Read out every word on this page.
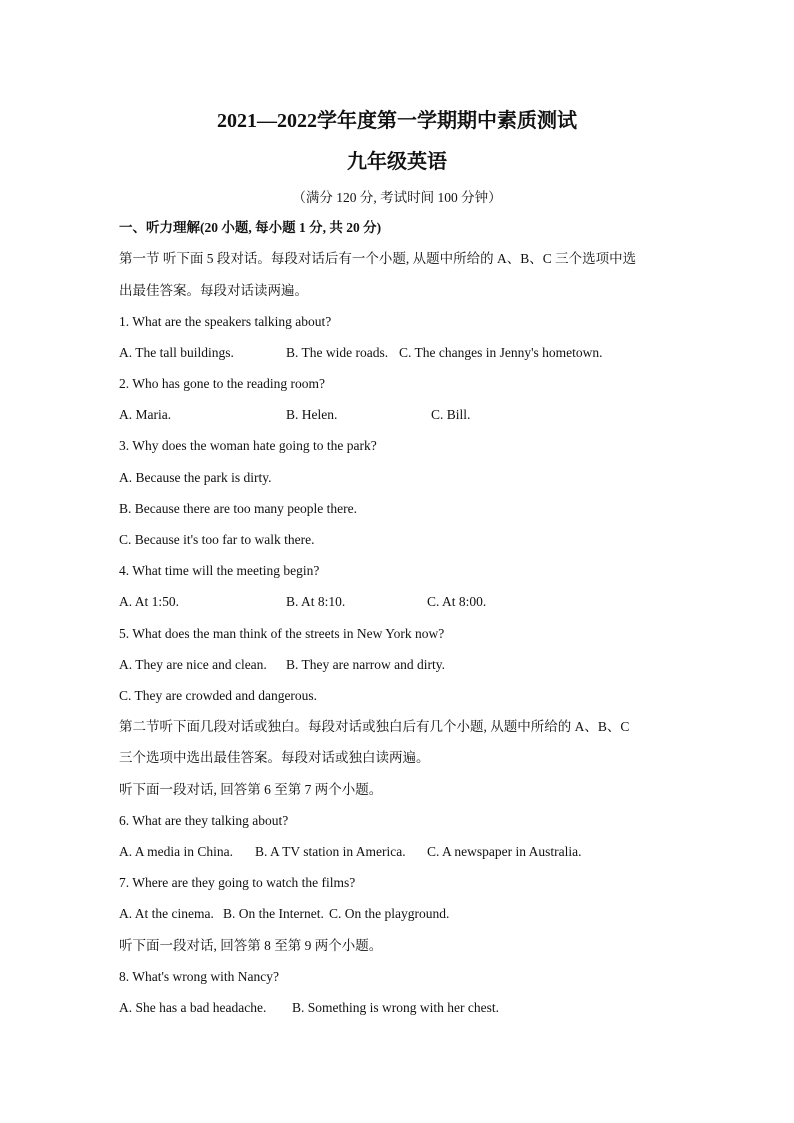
2021—2022学年度第一学期期中素质测试
九年级英语
（满分 120 分, 考试时间 100 分钟）
一、听力理解(20 小题, 每小题 1 分, 共 20 分)
第一节 听下面 5 段对话。每段对话后有一个小题, 从题中所给的 A、B、C 三个选项中选
出最佳答案。每段对话读两遍。
1. What are the speakers talking about?
A. The tall buildings.	B. The wide roads. C. The changes in Jenny's hometown.
2. Who has gone to the reading room?
A. Maria.	B. Helen.	C. Bill.
3. Why does the woman hate going to the park?
A. Because the park is dirty.
B. Because there are too many people there.
C. Because it's too far to walk there.
4. What time will the meeting begin?
A. At 1:50.	B. At 8:10.	C. At 8:00.
5. What does the man think of the streets in New York now?
A. They are nice and clean. B. They are narrow and dirty.
C. They are crowded and dangerous.
第二节听下面几段对话或独白。每段对话或独白后有几个小题, 从题中所给的 A、B、C
三个选项中选出最佳答案。每段对话或独白读两遍。
听下面一段对话, 回答第 6 至第 7 两个小题。
6. What are they talking about?
A. A media in China. B. A TV station in America. C. A newspaper in Australia.
7. Where are they going to watch the films?
A. At the cinema. B. On the Internet. C. On the playground.
听下面一段对话, 回答第 8 至第 9 两个小题。
8. What's wrong with Nancy?
A. She has a bad headache. B. Something is wrong with her chest.
